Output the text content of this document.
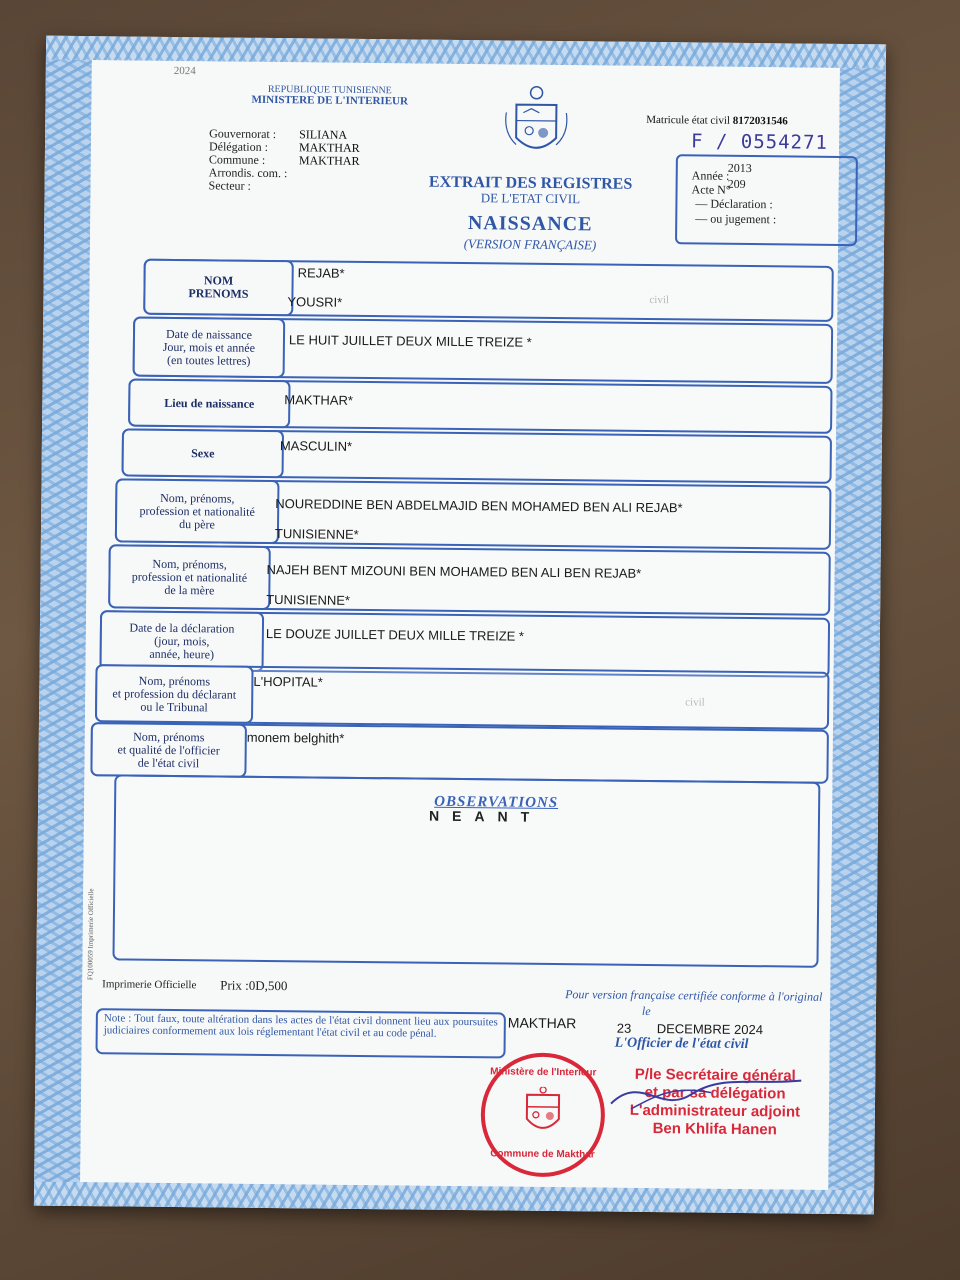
2024
REPUBLIQUE TUNISIENNE
MINISTERE DE L'INTERIEUR
Gouvernorat :
Délégation :
Commune :
Arrondis. com. :
Secteur :
SILIANA
MAKTHAR
MAKTHAR
EXTRAIT DES REGISTRES
DE L'ETAT CIVIL
NAISSANCE
(VERSION FRANÇAISE)
Matricule état civil 8172031546
F / 0554271
Année :
2013
Acte N°
209
— Déclaration :
— ou jugement :
NOM
PRENOMS
REJAB*
YOUSRI*
Date de naissance
Jour, mois et année
(en toutes lettres)
LE HUIT JUILLET DEUX MILLE TREIZE *
Lieu de naissance MAKTHAR*
Sexe	MASCULIN*
Nom, prénoms,
profession et nationalité
du père
NOUREDDINE BEN ABDELMAJID BEN MOHAMED BEN ALI REJAB*
TUNISIENNE*
Nom, prénoms,
profession et nationalité
de la mère
NAJEH BENT MIZOUNI BEN MOHAMED BEN ALI BEN REJAB*
TUNISIENNE*
Date de la déclaration
(jour, mois,
année, heure)
LE DOUZE JUILLET DEUX MILLE TREIZE *
Nom, prénoms
et profession du déclarant
ou le Tribunal
L'HOPITAL*
Nom, prénoms
et qualité de l'officier
de l'état civil
monem belghith*
OBSERVATIONS
NEANT
FQ100059 Imprimerie Officielle
Imprimerie Officielle Prix :0D,500
Pour version française certifiée conforme à l'original
le
Note : Tout faux, toute altération dans les actes de l'état civil donnent lieu aux poursuites judiciaires conformement aux lois réglementant l'état civil et au code pénal.
MAKTHAR	23 DECEMBRE 2024
L'Officier de l'état civil
Ministère de l'Interieur
Commune de Makthar
P/le Secrétaire général
et par sa délégation
L'administrateur adjoint
Ben Khlifa Hanen
civil
civil
